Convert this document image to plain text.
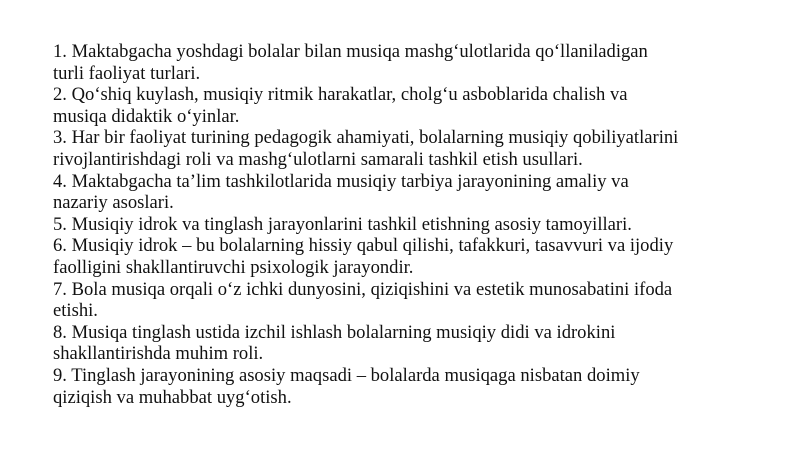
1. Maktabgacha yoshdagi bolalar bilan musiqa mashg‘ulotlarida qo‘llaniladigan
turli faoliyat turlari.

2. Qo‘shiq kuylash, musiqiy ritmik harakatlar, cholg‘u asboblarida chalish va
musiqa didaktik o‘yinlar.

3. Har bir faoliyat turining pedagogik ahamiyati, bolalarning musiqiy qobiliyatlarini
rivojlantirishdagi roli va mashg‘ulotlarni samarali tashkil etish usullari.

4. Maktabgacha ta’lim tashkilotlarida musiqiy tarbiya jarayonining amaliy va
nazariy asoslari.

5. Musiqiy idrok va tinglash jarayonlarini tashkil etishning asosiy tamoyillari.

6. Musiqiy idrok – bu bolalarning hissiy qabul qilishi, tafakkuri, tasavvuri va ijodiy
faolligini shakllantiruvchi psixologik jarayondir.

7. Bola musiqa orqali o‘z ichki dunyosini, qiziqishini va estetik munosabatini ifoda
etishi.

8. Musiqa tinglash ustida izchil ishlash bolalarning musiqiy didi va idrokini
shakllantirishda muhim roli.

9. Tinglash jarayonining asosiy maqsadi – bolalarda musiqaga nisbatan doimiy
qiziqish va muhabbat uyg‘otish.
